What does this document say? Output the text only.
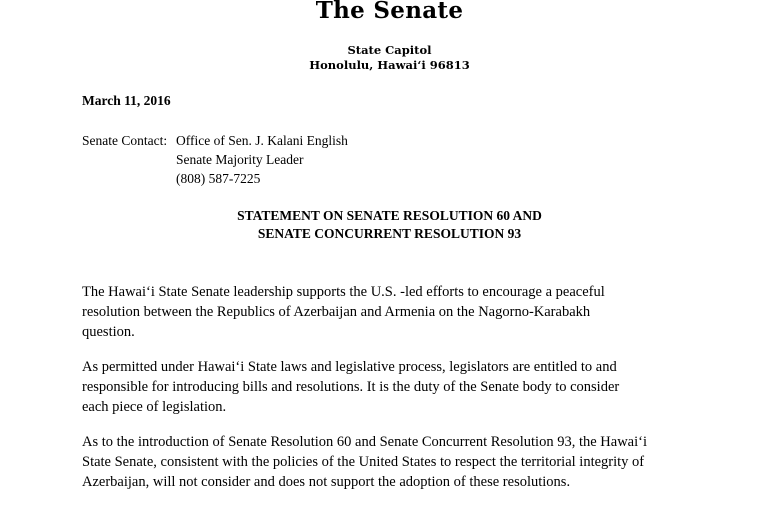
The Senate
State Capitol
Honolulu, Hawai‘i 96813
March 11, 2016
Senate Contact: Office of Sen. J. Kalani English
Senate Majority Leader
(808) 587-7225
STATEMENT ON SENATE RESOLUTION 60 AND
SENATE CONCURRENT RESOLUTION 93
The Hawai‘i State Senate leadership supports the U.S. -led efforts to encourage a peaceful
resolution between the Republics of Azerbaijan and Armenia on the Nagorno-Karabakh
question.
As permitted under Hawai‘i State laws and legislative process, legislators are entitled to and
responsible for introducing bills and resolutions. It is the duty of the Senate body to consider
each piece of legislation.
As to the introduction of Senate Resolution 60 and Senate Concurrent Resolution 93, the Hawai‘i
State Senate, consistent with the policies of the United States to respect the territorial integrity of
Azerbaijan, will not consider and does not support the adoption of these resolutions.
